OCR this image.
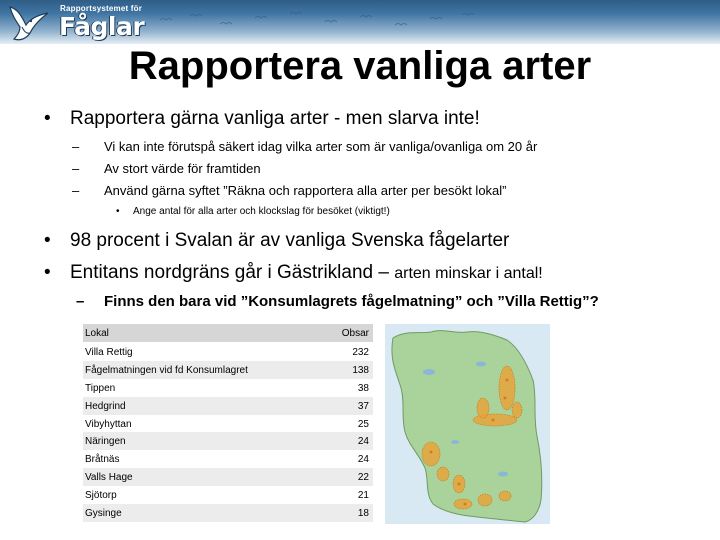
Rapportsystemet för
Fåglar
Rapportera vanliga arter
• Rapportera gärna vanliga arter - men slarva inte!
– Vi kan inte förutspå säkert idag vilka arter som är vanliga/ovanliga om 20 år
– Av stort värde för framtiden
– Använd gärna syftet ”Räkna och rapportera alla arter per besökt lokal”
• Ange antal för alla arter och klockslag för besöket (viktigt!)
• 98 procent i Svalan är av vanliga Svenska fågelarter
• Entitans nordgräns går i Gästrikland – arten minskar i antal!
– Finns den bara vid ”Konsumlagrets fågelmatning” och ”Villa Rettig”?
Lokal	Obsar
Villa Rettig	232
Fågelmatningen vid fd Konsumlagret	138
Tippen	38
Hedgrind	37
Vibyhyttan	25
Näringen	24
Bråtnäs	24
Valls Hage	22
Sjötorp	21
Gysinge	18
